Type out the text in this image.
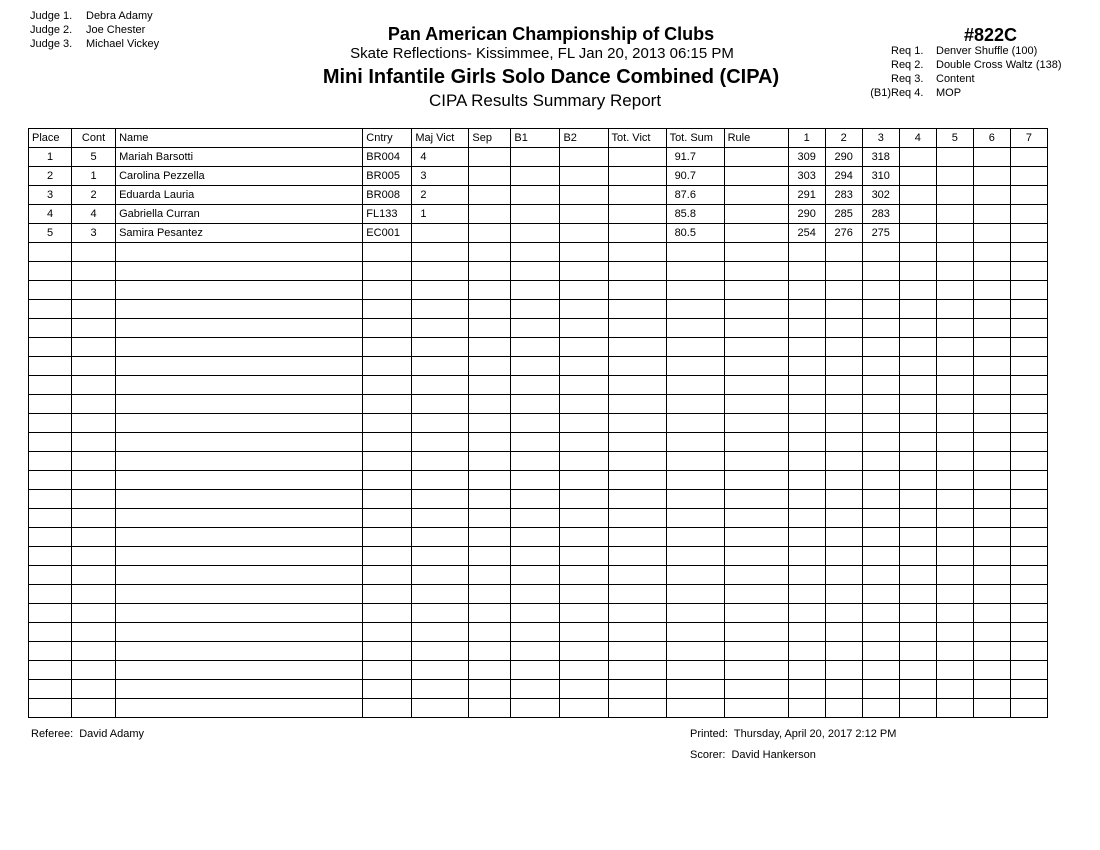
Judge 1. Debra Adamy
Judge 2. Joe Chester
Judge 3. Michael Vickey	Pan American Championship of Clubs
Skate Reflections- Kissimmee, FL Jan 20, 2013 06:15 PM
Mini Infantile Girls Solo Dance Combined (CIPA)
CIPA Results Summary Report
#822C
Req 1.	Denver Shuffle (100)
Req 2.	Double Cross Waltz (138)
Req 3.	Content
(B1) Req 4.	MOP
Place	Cont	Name	Cntry	Maj Vict	Sep	B1	B2	Tot. Vict	Tot. Sum	Rule	1	2	3	4	5	6	7
1	5	Mariah Barsotti	BR004	4					91.7		309	290	318				
2	1	Carolina Pezzella	BR005	3					90.7		303	294	310				
3	2	Eduarda Lauria	BR008	2					87.6		291	283	302				
4	4	Gabriella Curran	FL133	1					85.8		290	285	283				
5	3	Samira Pesantez	EC001						80.5		254	276	275				

Referee: David Adamy	Printed: Thursday, April 20, 2017 2:12 PM
Scorer: David Hankerson
